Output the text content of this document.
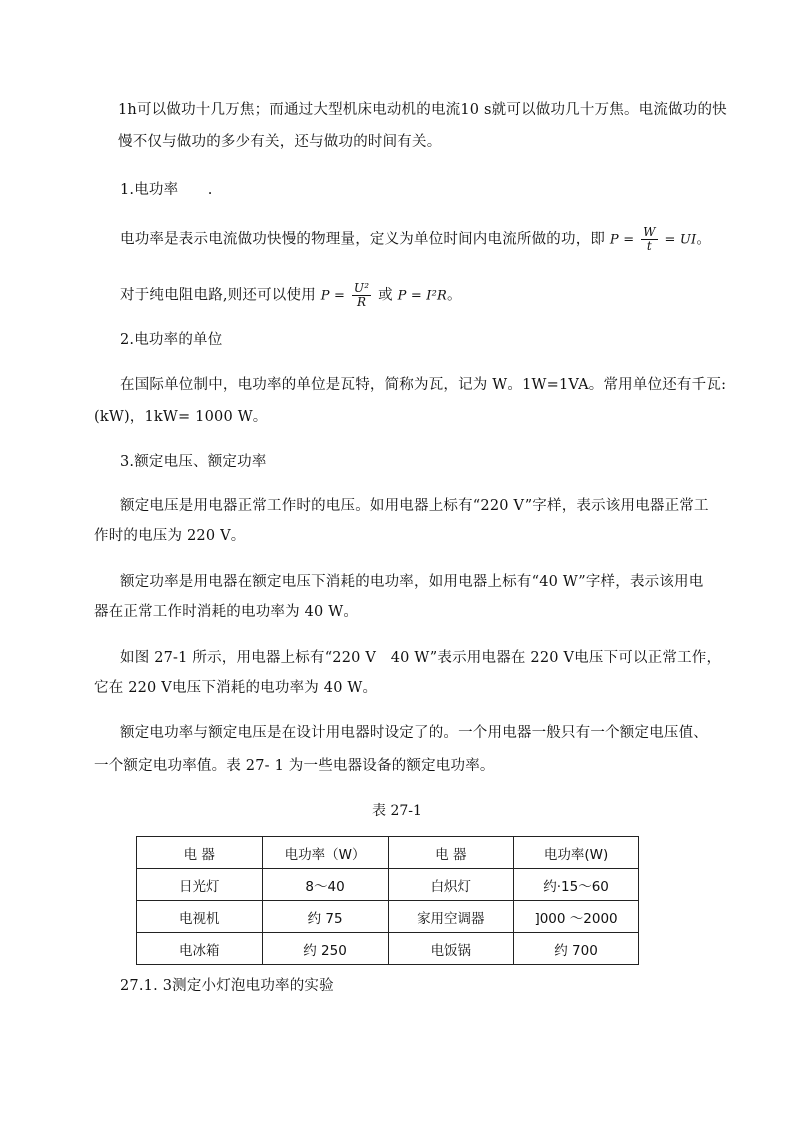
1h可以做功十几万焦；而通过大型机床电动机的电流10 s就可以做功几十万焦。电流做功的快
慢不仅与做功的多少有关，还与做功的时间有关。
1.电功率　　.
电功率是表示电流做功快慢的物理量，定义为单位时间内电流所做的功，即 $P = \frac{W}{t}$ = UI。
对于纯电阻电路,则还可以使用 $P = \frac{\text{U²}}{R}$ 或 P = I²R。
2.电功率的单位
在国际单位制中，电功率的单位是瓦特，简称为瓦，记为 W。1W=1VA。常用单位还有千瓦:
(kW)，1kW= 1000 W。
3.额定电压、额定功率
额定电压是用电器正常工作时的电压。如用电器上标有“220 V”字样，表示该用电器正常工
作时的电压为 220 V。
额定功率是用电器在额定电压下消耗的电功率，如用电器上标有“40 W”字样，表示该用电
器在正常工作时消耗的电功率为 40 W。
如图 27-1 所示，用电器上标有“220 V　40 W”表示用电器在 220 V电压下可以正常工作，
它在 220 V电压下消耗的电功率为 40 W。
额定电功率与额定电压是在设计用电器时设定了的。一个用电器一般只有一个额定电压值、
一个额定电功率值。表 27- 1 为一些电器设备的额定电功率。
表 27-1
电 器	电功率（W）	电 器	电功率(W)
日光灯	8～40	白炽灯	约·15～60
电视机	约 75	家用空调器	]000 ～2000
电冰箱	约 250	电饭锅	约 700
27.1. 3测定小灯泡电功率的实验
